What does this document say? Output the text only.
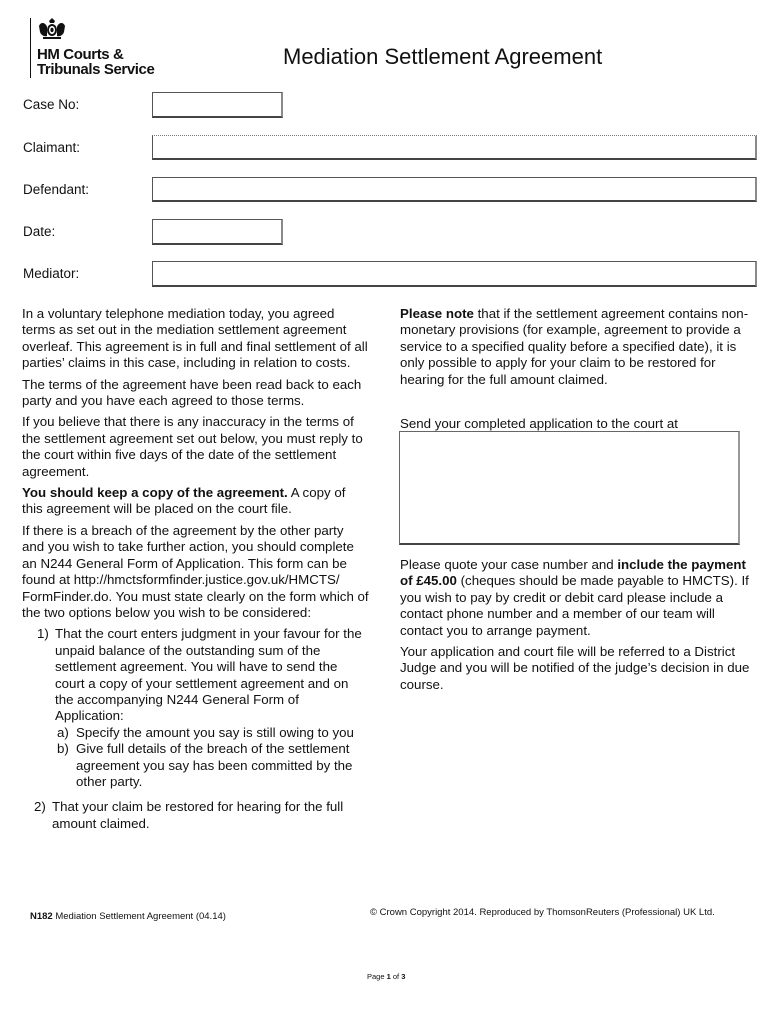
HM Courts &
Tribunals Service
Mediation Settlement Agreement
Case No:
Claimant:
Defendant:
Date:
Mediator:

In a voluntary telephone mediation today, you agreed terms as set out in the mediation settlement agreement overleaf. This agreement is in full and final settlement of all parties’ claims in this case, including in relation to costs.

The terms of the agreement have been read back to each party and you have each agreed to those terms.

If you believe that there is any inaccuracy in the terms of the settlement agreement set out below, you must reply to the court within five days of the date of the settlement agreement.

You should keep a copy of the agreement. A copy of this agreement will be placed on the court file.

If there is a breach of the agreement by the other party and you wish to take further action, you should complete an N244 General Form of Application. This form can be found at http://hmctsformfinder.justice.gov.uk/HMCTS/ FormFinder.do. You must state clearly on the form which of the two options below you wish to be considered:

1) That the court enters judgment in your favour for the unpaid balance of the outstanding sum of the settlement agreement. You will have to send the court a copy of your settlement agreement and on the accompanying N244 General Form of Application:
a) Specify the amount you say is still owing to you
b) Give full details of the breach of the settlement agreement you say has been committed by the other party.
2) That your claim be restored for hearing for the full amount claimed.

Please note that if the settlement agreement contains non-monetary provisions (for example, agreement to provide a service to a specified quality before a specified date), it is only possible to apply for your claim to be restored for hearing for the full amount claimed.

Send your completed application to the court at

Please quote your case number and include the payment of £45.00 (cheques should be made payable to HMCTS). If you wish to pay by credit or debit card please include a contact phone number and a member of our team will contact you to arrange payment.

Your application and court file will be referred to a District Judge and you will be notified of the judge’s decision in due course.

N182 Mediation Settlement Agreement (04.14)	© Crown Copyright 2014. Reproduced by ThomsonReuters (Professional) UK Ltd.
Page 1 of 3
